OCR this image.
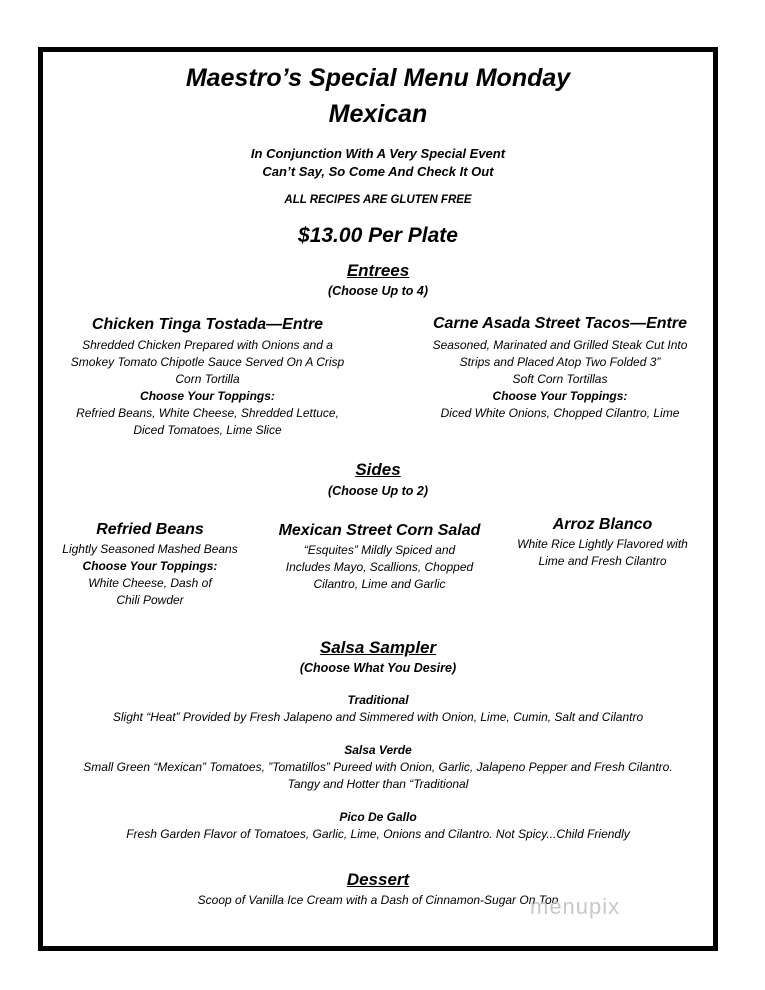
Maestro’s Special Menu Monday
Mexican
In Conjunction With A Very Special Event
Can’t Say, So Come And Check It Out
ALL RECIPES ARE GLUTEN FREE
$13.00 Per Plate
Entrees
(Choose Up to 4)
Chicken Tinga Tostada—Entre
Shredded Chicken Prepared with Onions and a
Smokey Tomato Chipotle Sauce Served On A Crisp
Corn Tortilla
Choose Your Toppings:
Refried Beans, White Cheese, Shredded Lettuce,
Diced Tomatoes, Lime Slice
Carne Asada Street Tacos—Entre
Seasoned, Marinated and Grilled Steak Cut Into
Strips and Placed Atop Two Folded 3”
Soft Corn Tortillas
Choose Your Toppings:
Diced White Onions, Chopped Cilantro, Lime
Sides
(Choose Up to 2)
Refried Beans
Lightly Seasoned Mashed Beans
Choose Your Toppings:
White Cheese, Dash of
Chili Powder
Mexican Street Corn Salad
“Esquites” Mildly Spiced and
Includes Mayo, Scallions, Chopped
Cilantro, Lime and Garlic
Arroz Blanco
White Rice Lightly Flavored with
Lime and Fresh Cilantro
Salsa Sampler
(Choose What You Desire)
Traditional
Slight “Heat” Provided by Fresh Jalapeno and Simmered with Onion, Lime, Cumin, Salt and Cilantro
Salsa Verde
Small Green “Mexican” Tomatoes, ”Tomatillos” Pureed with Onion, Garlic, Jalapeno Pepper and Fresh Cilantro.
Tangy and Hotter than “Traditional
Pico De Gallo
Fresh Garden Flavor of Tomatoes, Garlic, Lime, Onions and Cilantro. Not Spicy...Child Friendly
Dessert
Scoop of Vanilla Ice Cream with a Dash of Cinnamon-Sugar On Top
menupix
